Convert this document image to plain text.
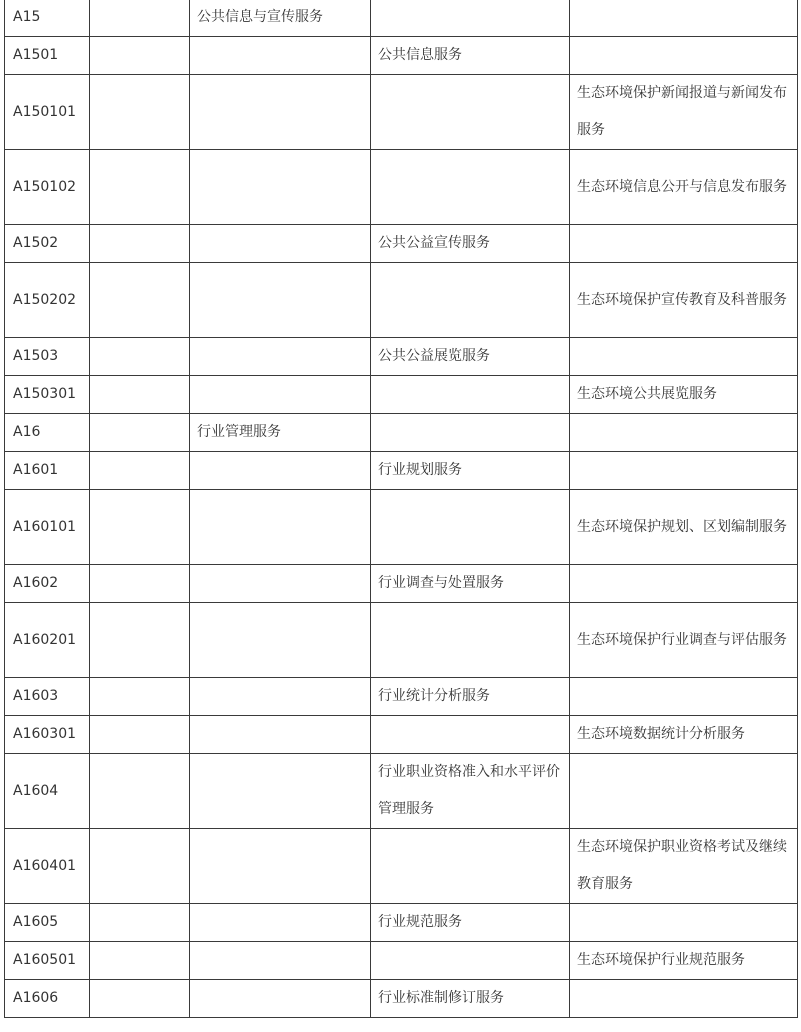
A15		公共信息与宣传服务		
A1501			公共信息服务	
A150101				生态环境保护新闻报道与新闻发布服务
A150102				生态环境信息公开与信息发布服务
A1502			公共公益宣传服务	
A150202				生态环境保护宣传教育及科普服务
A1503			公共公益展览服务	
A150301				生态环境公共展览服务
A16		行业管理服务		
A1601			行业规划服务	
A160101				生态环境保护规划、区划编制服务
A1602			行业调查与处置服务	
A160201				生态环境保护行业调查与评估服务
A1603			行业统计分析服务	
A160301				生态环境数据统计分析服务
A1604			行业职业资格准入和水平评价管理服务	
A160401				生态环境保护职业资格考试及继续教育服务
A1605			行业规范服务	
A160501				生态环境保护行业规范服务
A1606			行业标准制修订服务	
